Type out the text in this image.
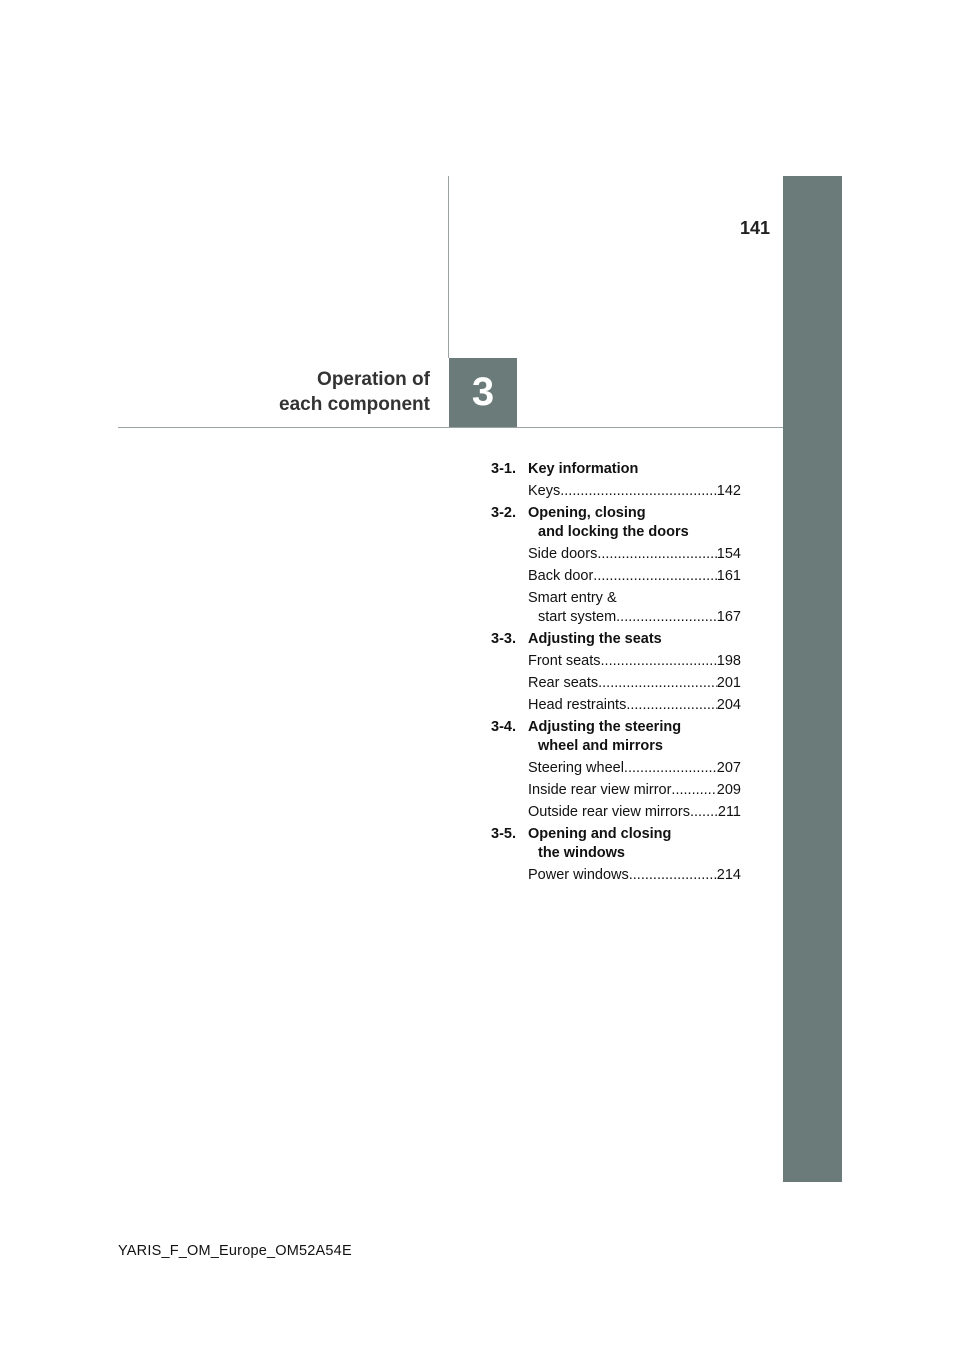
141
Operation of
each component	3
3-1. Key information
Keys .....	142
3-2. Opening, closing
and locking the doors
Side doors .....	154
Back door .....	161
Smart entry &
start system .....	167
3-3. Adjusting the seats
Front seats .....	198
Rear seats .....	201
Head restraints .....	204
3-4. Adjusting the steering
wheel and mirrors
Steering wheel .....	207
Inside rear view mirror .....	209
Outside rear view mirrors ..... 211
3-5. Opening and closing
the windows
Power windows .....	214
YARIS_F_OM_Europe_OM52A54E
